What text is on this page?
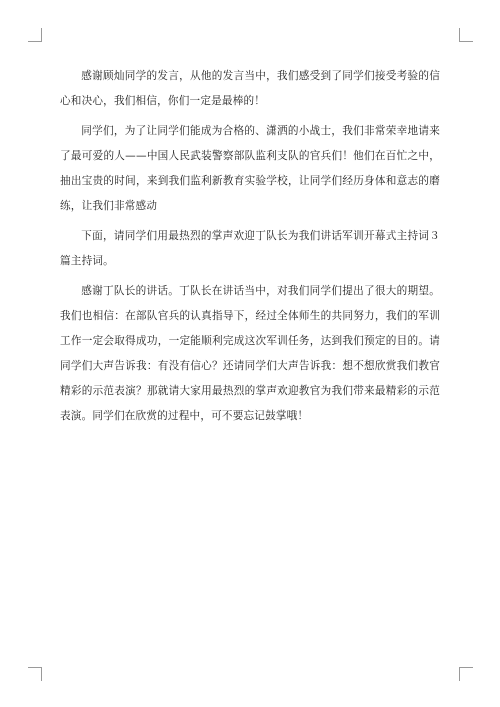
感谢顾灿同学的发言，从他的发言当中，我们感受到了同学们接受考验的信心和决心，我们相信，你们一定是最棒的！

同学们，为了让同学们能成为合格的、潇洒的小战士，我们非常荣幸地请来了最可爱的人——中国人民武装警察部队监利支队的官兵们！他们在百忙之中，抽出宝贵的时间，来到我们监利新教育实验学校，让同学们经历身体和意志的磨练，让我们非常感动

下面，请同学们用最热烈的掌声欢迎丁队长为我们讲话军训开幕式主持词３篇主持词。

感谢丁队长的讲话。丁队长在讲话当中，对我们同学们提出了很大的期望。我们也相信：在部队官兵的认真指导下，经过全体师生的共同努力，我们的军训工作一定会取得成功，一定能顺利完成这次军训任务，达到我们预定的目的。请同学们大声告诉我：有没有信心？还请同学们大声告诉我：想不想欣赏我们教官精彩的示范表演？那就请大家用最热烈的掌声欢迎教官为我们带来最精彩的示范表演。同学们在欣赏的过程中，可不要忘记鼓掌哦！
